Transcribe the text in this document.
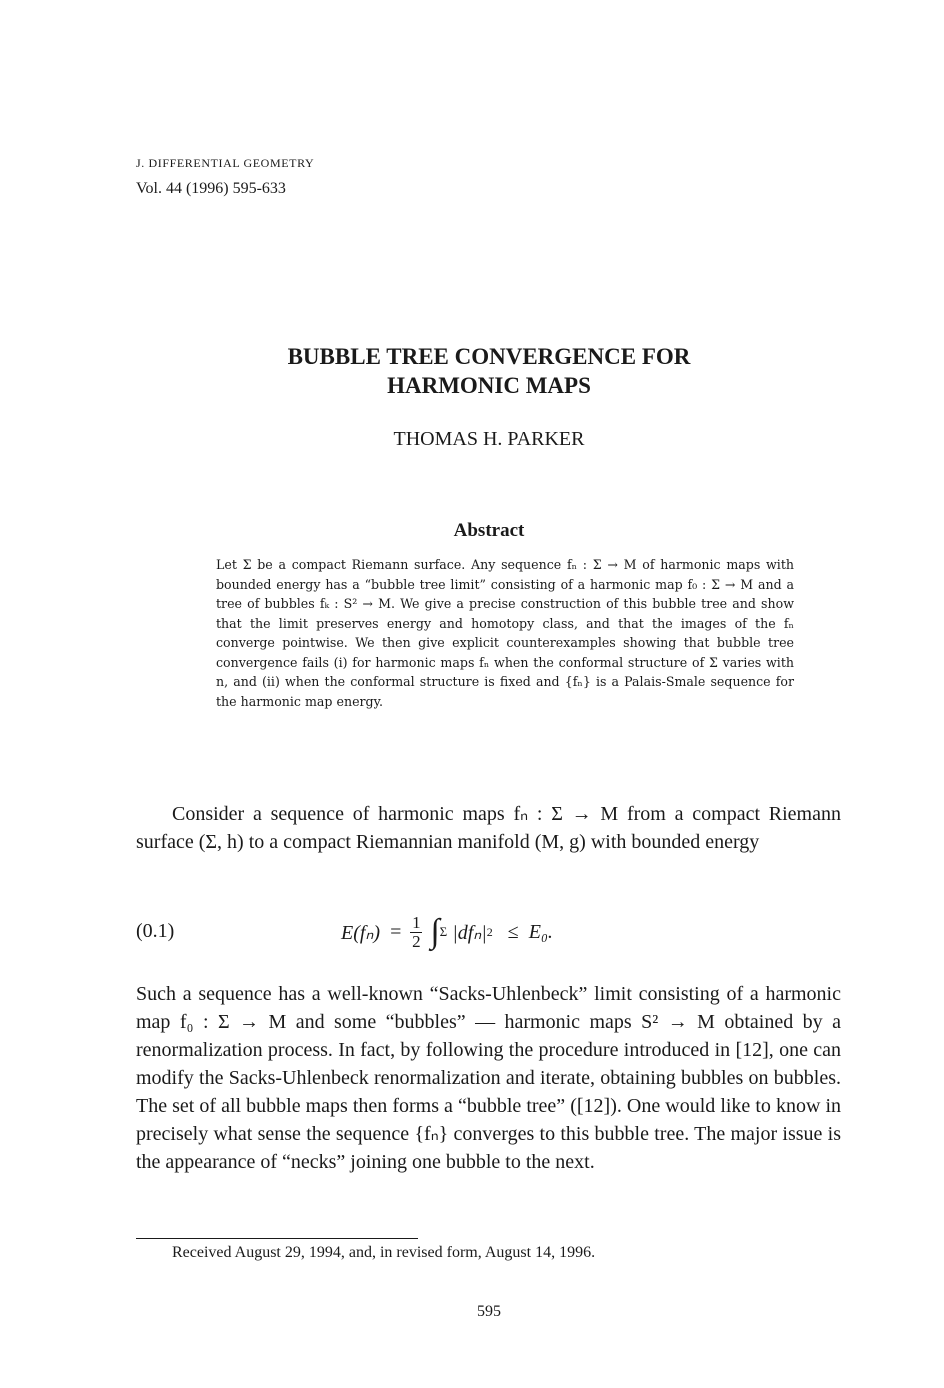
J. DIFFERENTIAL GEOMETRY
Vol. 44 (1996) 595-633
BUBBLE TREE CONVERGENCE FOR
HARMONIC MAPS
THOMAS H. PARKER
Abstract
Let Σ be a compact Riemann surface. Any sequence fₙ : Σ → M of harmonic maps with bounded energy has a “bubble tree limit” consisting of a harmonic map f₀ : Σ → M and a tree of bubbles fₖ : S² → M. We give a precise construction of this bubble tree and show that the limit preserves energy and homotopy class, and that the images of the fₙ converge pointwise. We then give explicit counterexamples showing that bubble tree convergence fails (i) for harmonic maps fₙ when the conformal structure of Σ varies with n, and (ii) when the conformal structure is fixed and {fₙ} is a Palais-Smale sequence for the harmonic map energy.
Consider a sequence of harmonic maps fₙ : Σ → M from a compact Riemann surface (Σ, h) to a compact Riemannian manifold (M, g) with bounded energy
(0.1)	E(fₙ)
=
$\frac{1}{2}$ ∫ Σ
|dfₙ| 2
≤
E₀.
Such a sequence has a well-known “Sacks-Uhlenbeck” limit consisting of a harmonic map f₀ : Σ → M and some “bubbles” — harmonic maps S² → M obtained by a renormalization process. In fact, by following the procedure introduced in [12], one can modify the Sacks-Uhlenbeck renormalization and iterate, obtaining bubbles on bubbles. The set of all bubble maps then forms a “bubble tree” ([12]). One would like to know in precisely what sense the sequence {fₙ} converges to this bubble tree. The major issue is the appearance of “necks” joining one bubble to the next.
Received August 29, 1994, and, in revised form, August 14, 1996.
595
